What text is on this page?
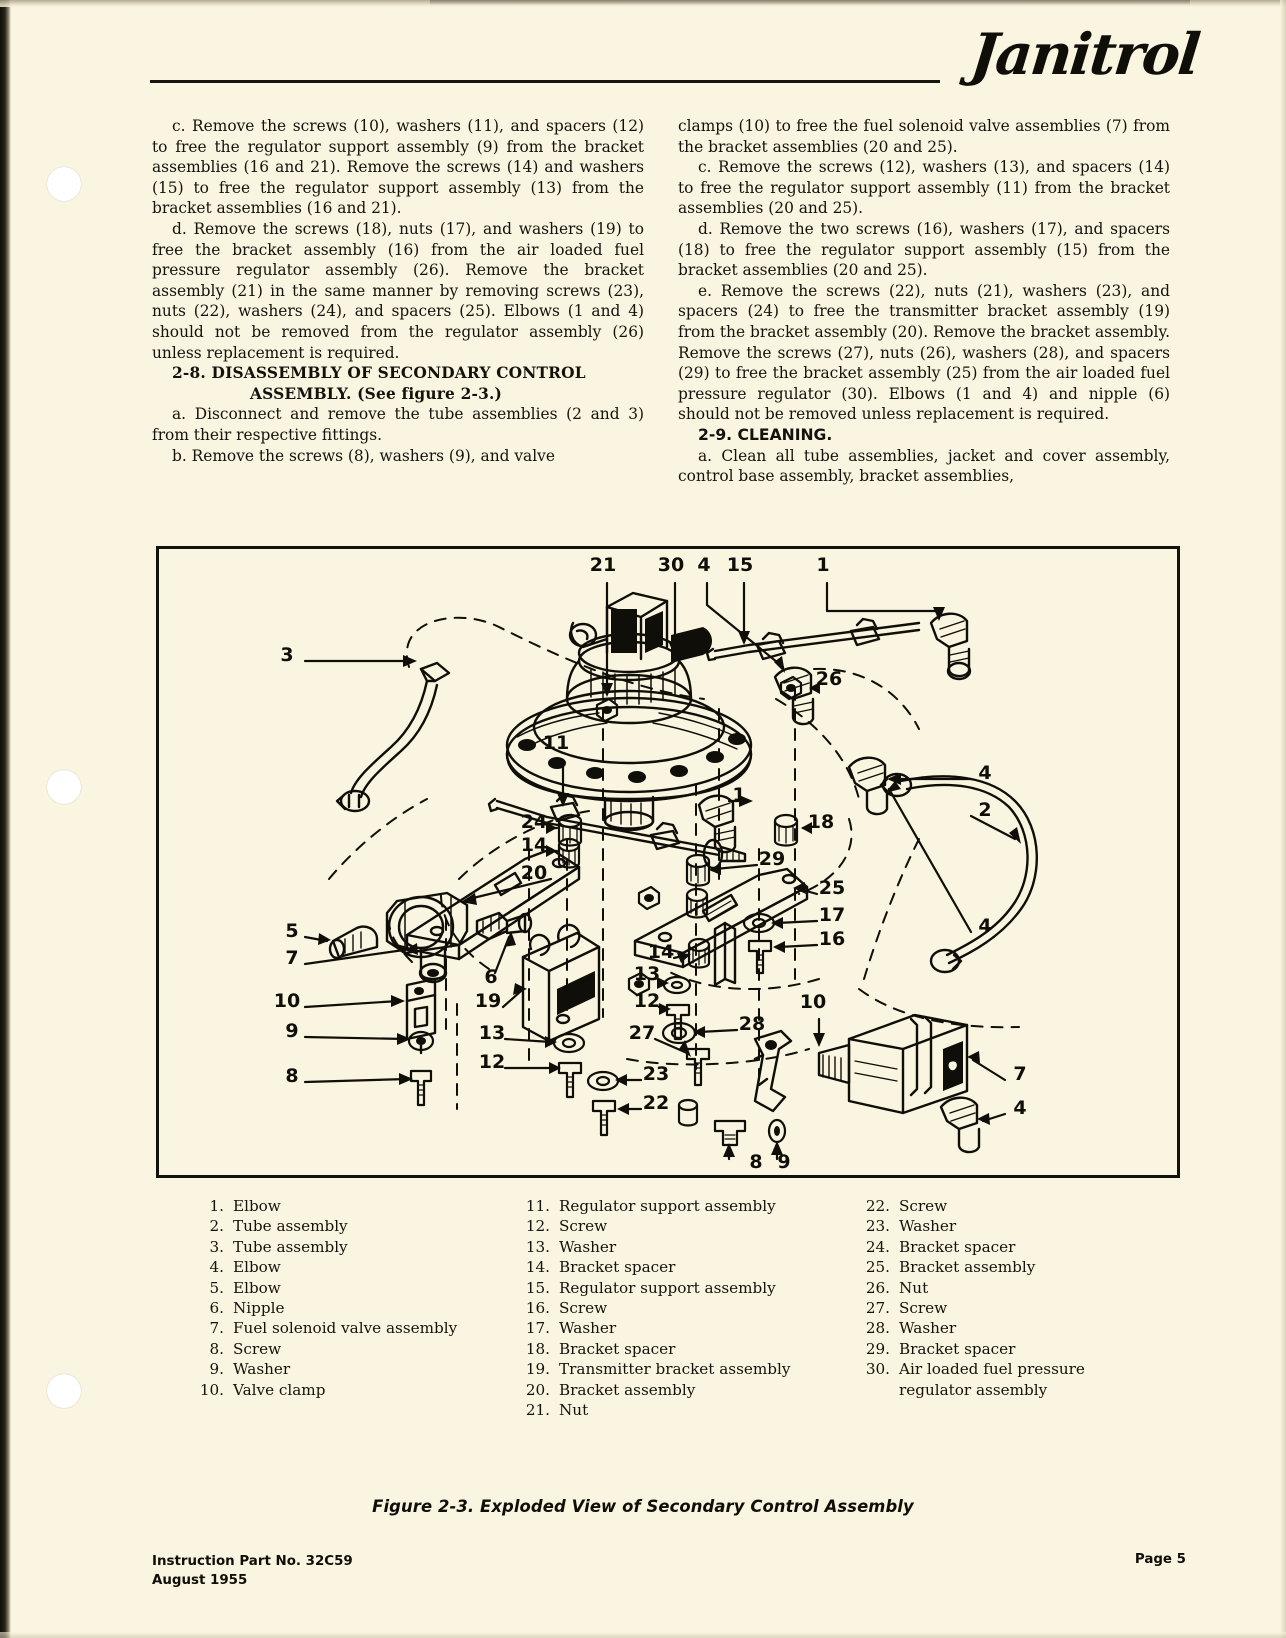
Janitrol

c. Remove the screws (10), washers (11), and spacers (12) to free the regulator support assembly (9) from the bracket assemblies (16 and 21). Remove the screws (14) and washers (15) to free the regulator support assembly (13) from the bracket assemblies (16 and 21).

d. Remove the screws (18), nuts (17), and washers (19) to free the bracket assembly (16) from the air loaded fuel pressure regulator assembly (26). Remove the bracket assembly (21) in the same manner by removing screws (23), nuts (22), washers (24), and spacers (25). Elbows (1 and 4) should not be removed from the regulator assembly (26) unless replacement is required.

2-8. DISASSEMBLY OF SECONDARY CONTROL
ASSEMBLY. (See figure 2-3.)

a. Disconnect and remove the tube assemblies (2 and 3) from their respective fittings.

b. Remove the screws (8), washers (9), and valve

clamps (10) to free the fuel solenoid valve assemblies (7) from the bracket assemblies (20 and 25).

c. Remove the screws (12), washers (13), and spacers (14) to free the regulator support assembly (11) from the bracket assemblies (20 and 25).

d. Remove the two screws (16), washers (17), and spacers (18) to free the regulator support assembly (15) from the bracket assemblies (20 and 25).

e. Remove the screws (22), nuts (21), washers (23), and spacers (24) to free the transmitter bracket assembly (19) from the bracket assembly (20). Remove the bracket assembly. Remove the screws (27), nuts (26), washers (28), and spacers (29) to free the bracket assembly (25) from the air loaded fuel pressure regulator (30). Elbows (1 and 4) and nipple (6) should not be removed unless replacement is required.

2-9. CLEANING.

a. Clean all tube assemblies, jacket and cover assembly, control base assembly, bracket assemblies,

21 30 4 15	1
3
26
11
4
1
2
24	18
14
29
20
25
17	4
5	16
7	14
13
6
10	19	12	10
9	13	27	28
8
12
7
23
4
22
8 9
1. Elbow
2. Tube assembly
3. Tube assembly
4. Elbow
5. Elbow
6. Nipple
7. Fuel solenoid valve assembly
8. Screw
9. Washer
10. Valve clamp
11. Regulator support assembly
12. Screw
13. Washer
14. Bracket spacer
15. Regulator support assembly
16. Screw
17. Washer
18. Bracket spacer
19. Transmitter bracket assembly
20. Bracket assembly
21. Nut
22. Screw
23. Washer
24. Bracket spacer
25. Bracket assembly
26. Nut
27. Screw
28. Washer
29. Bracket spacer
30. Air loaded fuel pressure
regulator assembly
Figure 2-3. Exploded View of Secondary Control Assembly
Instruction Part No. 32C59
August 1955
Page 5
